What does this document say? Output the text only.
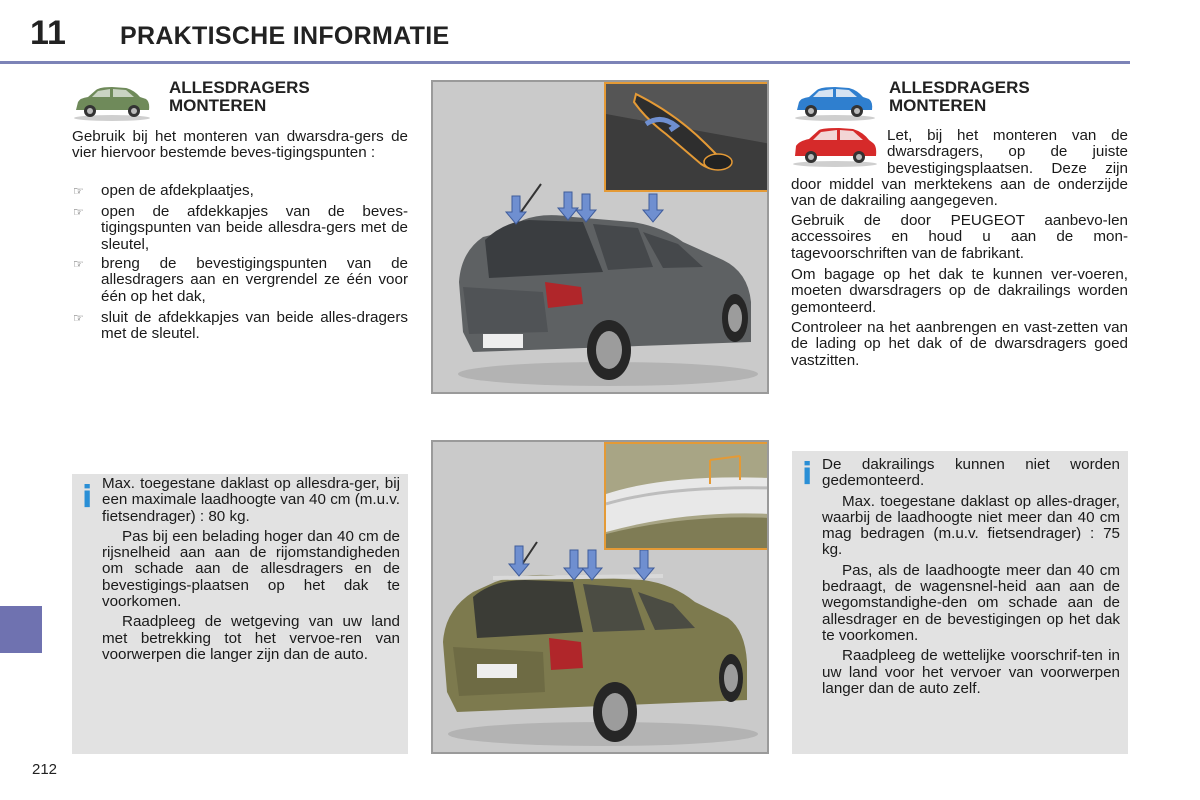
11 PRAKTISCHE INFORMATIE
212
ALLESDRAGERS
MONTEREN
Gebruik bij het monteren van dwarsdra-gers de vier hiervoor bestemde beves-tigingspunten :
☞ open de afdekplaatjes,
☞ open de afdekkapjes van de beves-tigingspunten van beide allesdra-gers met de sleutel,
☞ breng de bevestigingspunten van de allesdragers aan en vergrendel ze één voor één op het dak,
☞ sluit de afdekkapjes van beide alles-dragers met de sleutel.
i Max. toegestane daklast op allesdra-ger, bij een maximale laadhoogte van 40 cm (m.u.v. fietsendrager) : 80 kg.

Pas bij een belading hoger dan 40 cm de rijsnelheid aan aan de rijomstandigheden om schade aan de allesdragers en de bevestigings-plaatsen op het dak te voorkomen.

Raadpleeg de wetgeving van uw land met betrekking tot het vervoe-ren van voorwerpen die langer zijn dan de auto.

ALLESDRAGERS
MONTEREN
Let, bij het monteren van de dwarsdragers, op de juiste bevestigingsplaatsen. Deze zijn door middel van merktekens aan de onderzijde van de dakrailing aangegeven.
Gebruik de door PEUGEOT aanbevo-len accessoires en houd u aan de mon-tagevoorschriften van de fabrikant.
Om bagage op het dak te kunnen ver-voeren, moeten dwarsdragers op de dakrailings worden gemonteerd.
Controleer na het aanbrengen en vast-zetten van de lading op het dak of de dwarsdragers goed vastzitten.
i De dakrailings kunnen niet worden gedemonteerd.

Max. toegestane daklast op alles-drager, waarbij de laadhoogte niet meer dan 40 cm mag bedragen (m.u.v. fietsendrager) : 75 kg.

Pas, als de laadhoogte meer dan 40 cm bedraagt, de wagensnel-heid aan aan de wegomstandighe-den om schade aan de allesdrager en de bevestigingen op het dak te voorkomen.

Raadpleeg de wettelijke voorschrif-ten in uw land voor het vervoer van voorwerpen langer dan de auto zelf.
